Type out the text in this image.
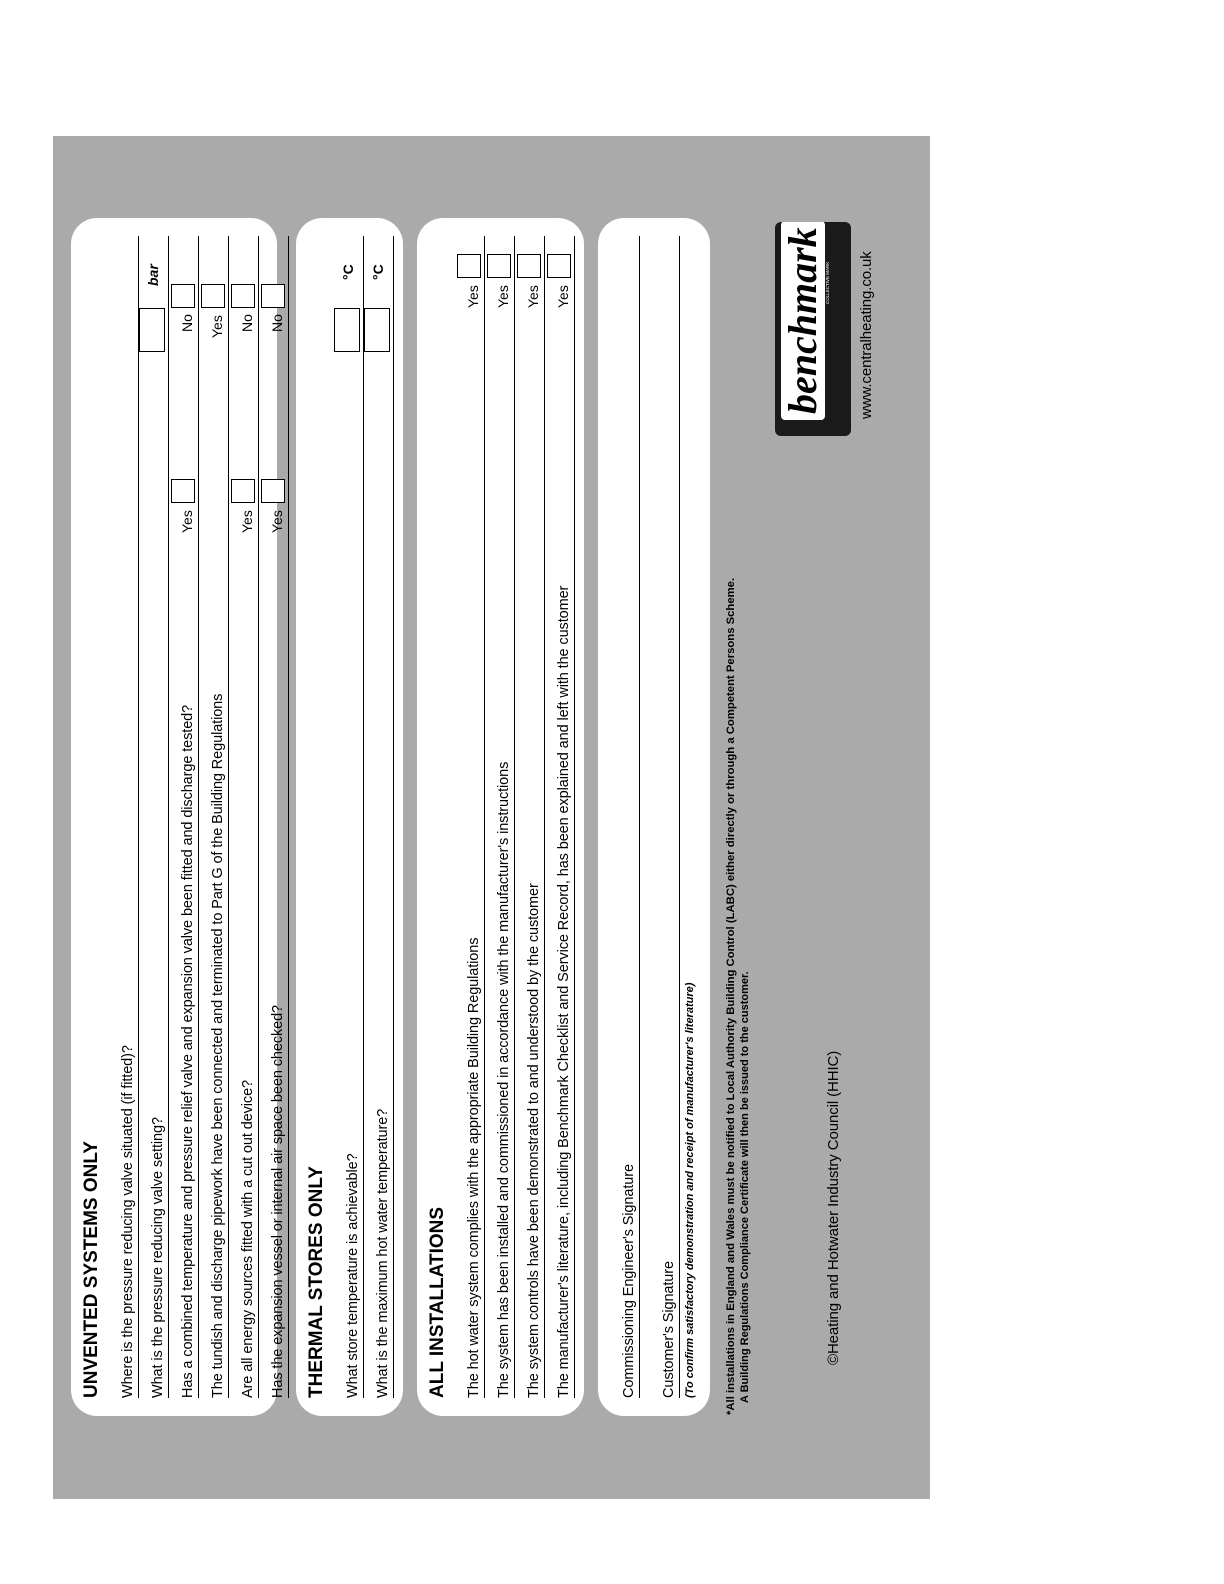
UNVENTED SYSTEMS ONLY Where is the pressure reducing valve situated (if fitted)? What is the pressure reducing valve setting?
bar
Has a combined temperature and pressure relief valve and expansion valve been fitted and discharge tested?
Yes
No
The tundish and discharge pipework have been connected and terminated to Part G of the Building Regulations
Yes
Are all energy sources fitted with a cut out device?
Yes
No
Has the expansion vessel or internal air space been checked?
Yes
No
THERMAL STORES ONLY What store temperature is achievable?
°C
What is the maximum hot water temperature?
°C
ALL INSTALLATIONS The hot water system complies with the appropriate Building Regulations
Yes
The system has been installed and commissioned in accordance with the manufacturer's instructions
Yes
The system controls have been demonstrated to and understood by the customer
Yes
The manufacturer's literature, including Benchmark Checklist and Service Record, has been explained and left with the customer
Yes
Commissioning Engineer's Signature Customer's Signature (To confirm satisfactory demonstration and receipt of manufacturer's literature)	*All installations in England and Wales must be notified to Local Authority Building Control (LABC) either directly or through a Competent Persons Scheme. A Building Regulations Compliance Certificate will then be issued to the customer.	©Heating and Hotwater Industry Council (HHIC)
benchmark COLLECTIVE MARK www.centralheating.co.uk
